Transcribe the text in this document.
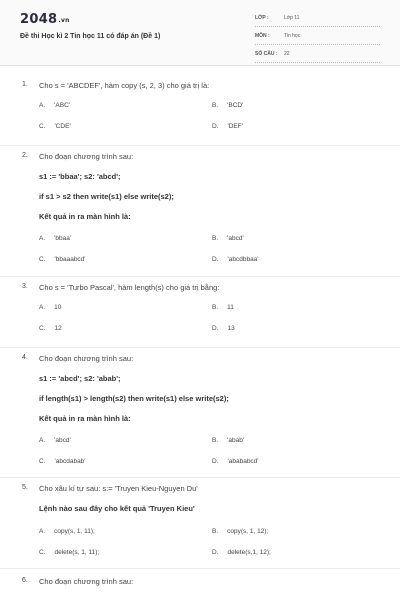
2048.vn
Đề thi Học kì 2 Tin học 11 có đáp án (Đề 1)
LỚP :	Lớp 11
MÔN :	Tin học
SỐ CÂU : 22
1. Cho s = 'ABCDEF', hàm copy (s, 2, 3) cho giá trị là:
A. 'ABC'	B. 'BCD'
C. 'CDE'	D. 'DEF'
2. Cho đoạn chương trình sau:
s1 := 'bbaa'; s2: 'abcd';
if s1 > s2 then write(s1) else write(s2);
Kết quả in ra màn hình là:
A. 'bbaa'	B. 'abcd'
C. 'bbaaabcd'	D. 'abcdbbaa'
3. Cho s = 'Turbo Pascal', hàm length(s) cho giá trị bằng:
A. 10	B. 11
C. 12	D. 13
4. Cho đoạn chương trình sau:
s1 := 'abcd'; s2: 'abab';
if length(s1) > length(s2) then write(s1) else write(s2);
Kết quả in ra màn hình là:
A. 'abcd'	B. 'abab'
C. 'abcdabab'	D. 'abababcd'
5. Cho xâu kí tự sau: s:= 'Truyen Kieu-Nguyen Du'
Lệnh nào sau đây cho kết quả 'Truyen Kieu'
A. copy(s, 1, 11);	B. copy(s, 1, 12);
C. delete(s, 1, 11);	D. delete(s,1, 12);
6. Cho đoạn chương trình sau:
